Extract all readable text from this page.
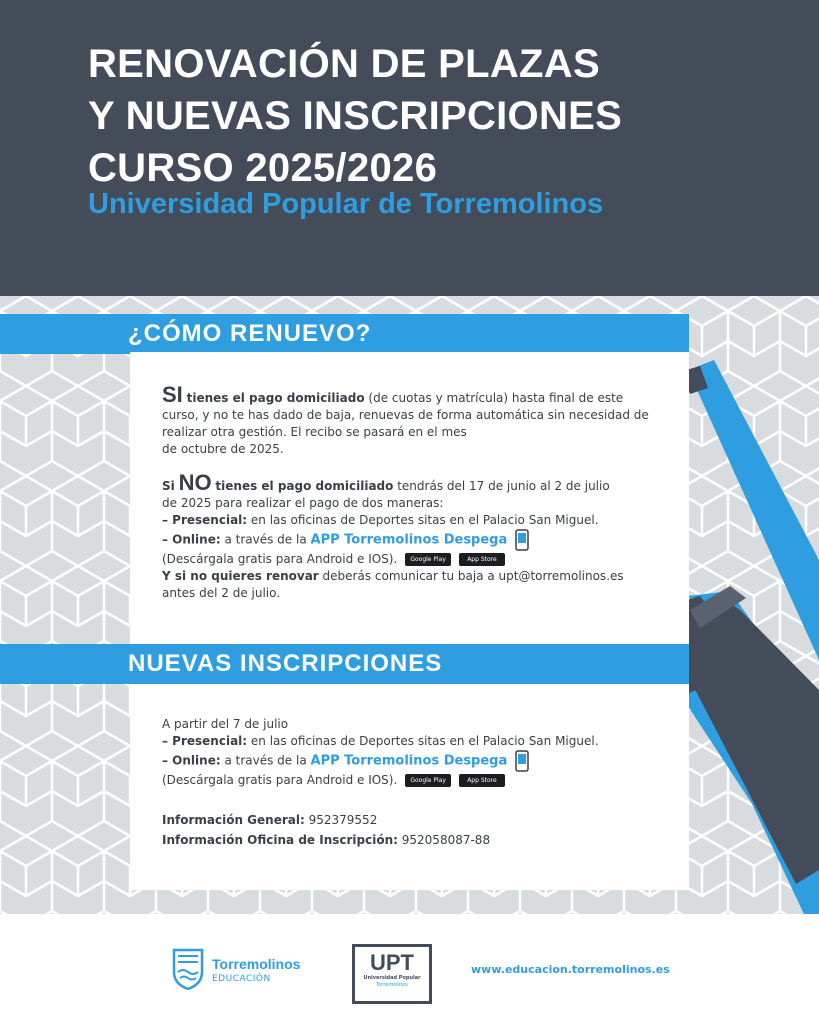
RENOVACIÓN DE PLAZAS
Y NUEVAS INSCRIPCIONES
CURSO 2025/2026
Universidad Popular de Torremolinos
¿CÓMO RENUEVO?

SI tienes el pago domiciliado (de cuotas y matrícula) hasta final de este
curso, y no te has dado de baja, renuevas de forma automática sin necesidad de
realizar otra gestión. El recibo se pasará en el mes
de octubre de 2025.

Si NO tienes el pago domiciliado tendrás del 17 de junio al 2 de julio
de 2025 para realizar el pago de dos maneras:
– Presencial: en las oficinas de Deportes sitas en el Palacio San Miguel.
– Online: a través de la APP Torremolinos Despega
(Descárgala gratis para Android e IOS). Google Play	App Store
Y si no quieres renovar deberás comunicar tu baja a upt@torremolinos.es
antes del 2 de julio.

NUEVAS INSCRIPCIONES

A partir del 7 de julio
– Presencial: en las oficinas de Deportes sitas en el Palacio San Miguel.
– Online: a través de la APP Torremolinos Despega
(Descárgala gratis para Android e IOS). Google Play	App Store

Información General: 952379552
Información Oficina de Inscripción: 952058087-88

Torremolinos
EDUCACIÓN
UPT
Universidad Popular
Torremolinos
www.educacion.torremolinos.es
